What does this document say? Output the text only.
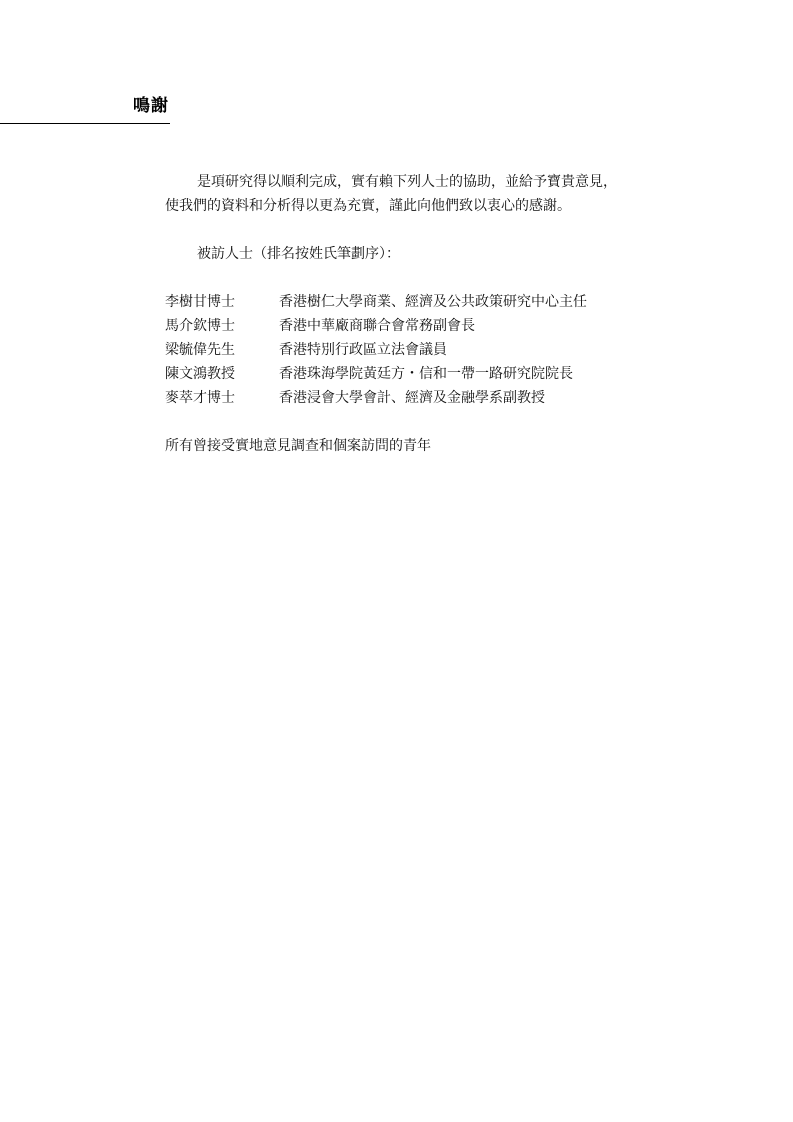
鳴謝

是項研究得以順利完成，實有賴下列人士的協助，並給予寶貴意見，
使我們的資料和分析得以更為充實，謹此向他們致以衷心的感謝。

被訪人士（排名按姓氏筆劃序）：
李樹甘博士	香港樹仁大學商業、經濟及公共政策研究中心主任
馬介欽博士	香港中華廠商聯合會常務副會長
梁毓偉先生	香港特別行政區立法會議員
陳文鴻教授	香港珠海學院黃廷方・信和一帶一路研究院院長
麥萃才博士	香港浸會大學會計、經濟及金融學系副教授
所有曾接受實地意見調查和個案訪問的青年
